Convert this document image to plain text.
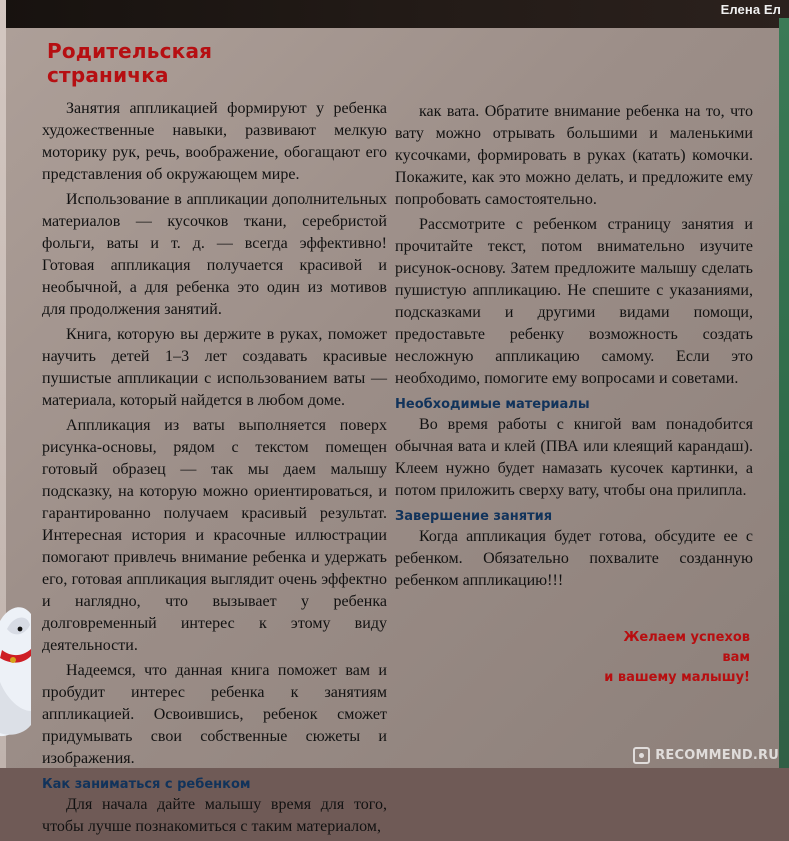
Елена Ел
Родительская
страничка

Занятия аппликацией формируют у ребенка художественные навыки, развивают мелкую моторику рук, речь, воображение, обогащают его представления об окружающем мире.

Использование в аппликации дополнительных материалов — кусочков ткани, серебристой фольги, ваты и т. д. — всегда эффективно! Готовая аппликация получается красивой и необычной, а для ребенка это один из мотивов для продолжения занятий.

Книга, которую вы держите в руках, поможет научить детей 1–3 лет создавать красивые пушистые аппликации с использованием ваты — материала, который найдется в любом доме.

Аппликация из ваты выполняется поверх рисунка-основы, рядом с текстом помещен готовый образец — так мы даем малышу подсказку, на которую можно ориентироваться, и гарантированно получаем красивый результат. Интересная история и красочные иллюстрации помогают привлечь внимание ребенка и удержать его, готовая аппликация выглядит очень эффектно и наглядно, что вызывает у ребенка долговременный интерес к этому виду деятельности.

Надеемся, что данная книга поможет вам и пробудит интерес ребенка к занятиям аппликацией. Освоившись, ребенок сможет придумывать свои собственные сюжеты и изображения.

Как заниматься с ребенком

Для начала дайте малышу время для того, чтобы лучше познакомиться с таким материалом,

как вата. Обратите внимание ребенка на то, что вату можно отрывать большими и маленькими кусочками, формировать в руках (катать) комочки. Покажите, как это можно делать, и предложите ему попробовать самостоятельно.

Рассмотрите с ребенком страницу занятия и прочитайте текст, потом внимательно изучите рисунок-основу. Затем предложите малышу сделать пушистую аппликацию. Не спешите с указаниями, подсказками и другими видами помощи, предоставьте ребенку возможность создать несложную аппликацию самому. Если это необходимо, помогите ему вопросами и советами.

Необходимые материалы

Во время работы с книгой вам понадобится обычная вата и клей (ПВА или клеящий карандаш). Клеем нужно будет намазать кусочек картинки, а потом приложить сверху вату, чтобы она прилипла.

Завершение занятия

Когда аппликация будет готова, обсудите ее с ребенком. Обязательно похвалите созданную ребенком аппликацию!!!

Желаем успехов вам
и вашему малышу!
RECOMMEND.RU
